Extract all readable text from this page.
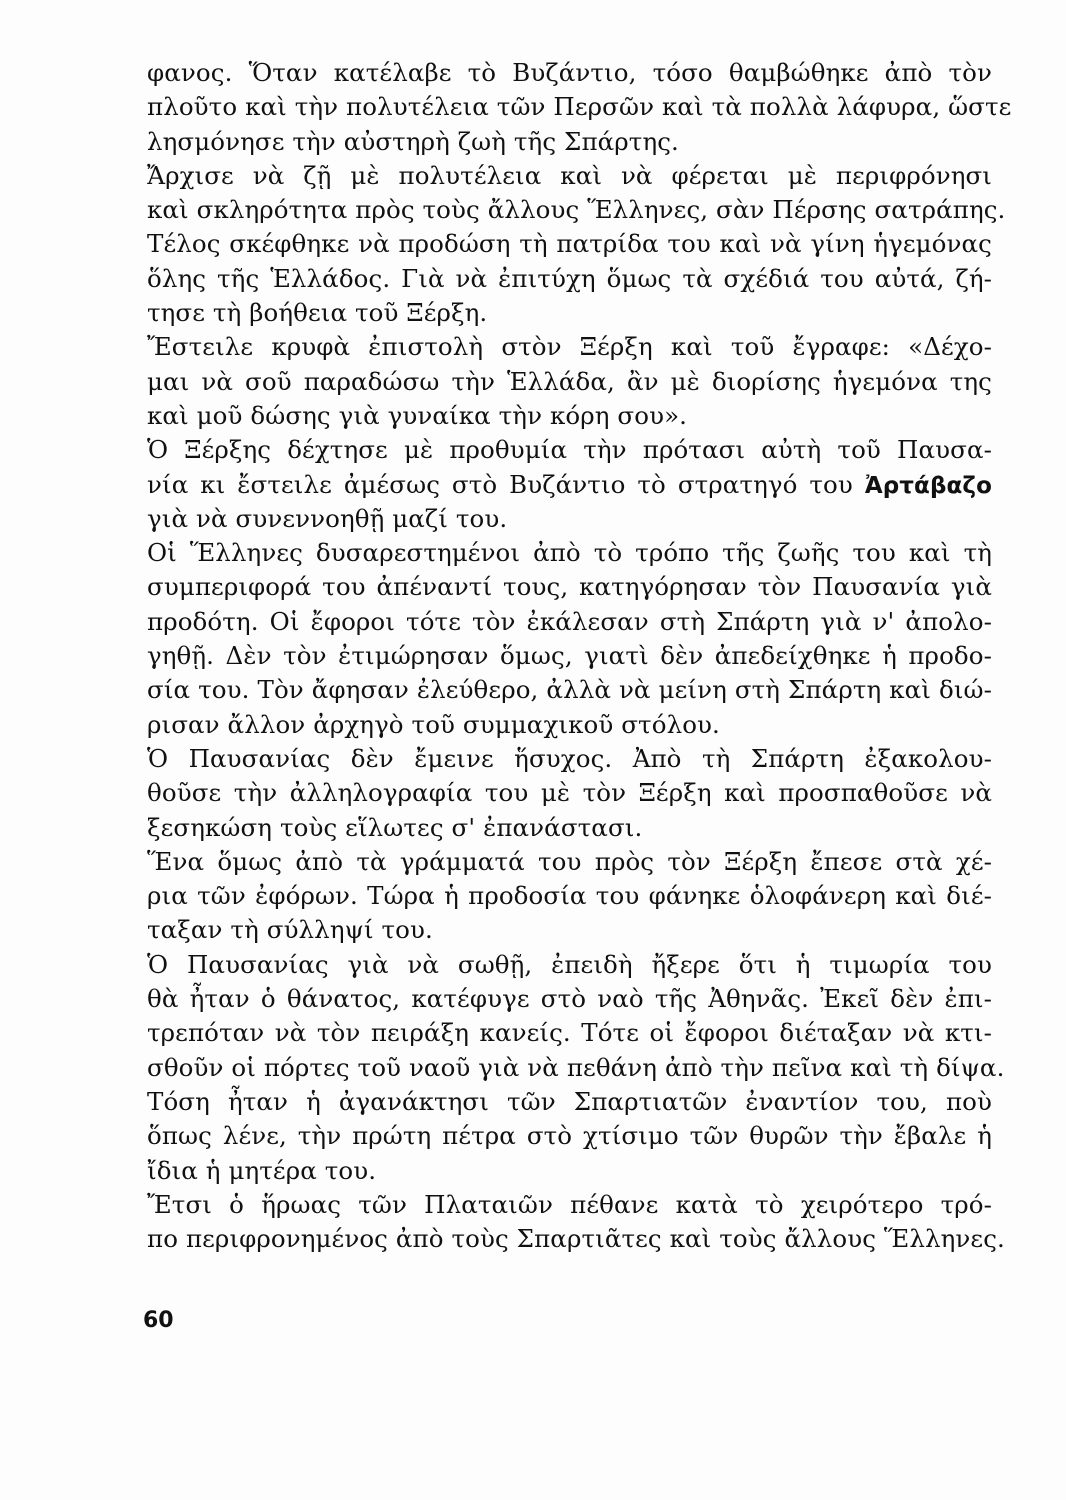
φανος. Ὅταν κατέλαβε τὸ Βυζάντιο, τόσο θαμβώθηκε ἀπὸ τὸν
πλοῦτο καὶ τὴν πολυτέλεια τῶν Περσῶν καὶ τὰ πολλὰ λάφυρα, ὥστε
λησμόνησε τὴν αὐστηρὴ ζωὴ τῆς Σπάρτης.
Ἄρχισε νὰ ζῇ μὲ πολυτέλεια καὶ νὰ φέρεται μὲ περιφρόνησι
καὶ σκληρότητα πρὸς τοὺς ἄλλους Ἕλληνες, σὰν Πέρσης σατράπης.
Τέλος σκέφθηκε νὰ προδώση τὴ πατρίδα του καὶ νὰ γίνη ἡγεμόνας
ὅλης τῆς Ἑλλάδος. Γιὰ νὰ ἐπιτύχη ὅμως τὰ σχέδιά του αὐτά, ζή-
τησε τὴ βοήθεια τοῦ Ξέρξη.
Ἔστειλε κρυφὰ ἐπιστολὴ στὸν Ξέρξη καὶ τοῦ ἔγραφε: «Δέχο-
μαι νὰ σοῦ παραδώσω τὴν Ἑλλάδα, ἂν μὲ διορίσης ἡγεμόνα της
καὶ μοῦ δώσης γιὰ γυναίκα τὴν κόρη σου».
Ὁ Ξέρξης δέχτησε μὲ προθυμία τὴν πρότασι αὐτὴ τοῦ Παυσα-
νία κι ἔστειλε ἀμέσως στὸ Βυζάντιο τὸ στρατηγό του Ἀρτάβαζο
γιὰ νὰ συνεννοηθῇ μαζί του.
Οἱ Ἕλληνες δυσαρεστημένοι ἀπὸ τὸ τρόπο τῆς ζωῆς του καὶ τὴ
συμπεριφορά του ἀπέναντί τους, κατηγόρησαν τὸν Παυσανία γιὰ
προδότη. Οἱ ἔφοροι τότε τὸν ἐκάλεσαν στὴ Σπάρτη γιὰ ν' ἀπολο-
γηθῇ. Δὲν τὸν ἐτιμώρησαν ὅμως, γιατὶ δὲν ἀπεδείχθηκε ἡ προδο-
σία του. Τὸν ἄφησαν ἐλεύθερο, ἀλλὰ νὰ μείνη στὴ Σπάρτη καὶ διώ-
ρισαν ἄλλον ἀρχηγὸ τοῦ συμμαχικοῦ στόλου.
Ὁ Παυσανίας δὲν ἔμεινε ἥσυχος. Ἀπὸ τὴ Σπάρτη ἐξακολου-
θοῦσε τὴν ἀλληλογραφία του μὲ τὸν Ξέρξη καὶ προσπαθοῦσε νὰ
ξεσηκώση τοὺς εἵλωτες σ' ἐπανάστασι.
Ἕνα ὅμως ἀπὸ τὰ γράμματά του πρὸς τὸν Ξέρξη ἔπεσε στὰ χέ-
ρια τῶν ἐφόρων. Τώρα ἡ προδοσία του φάνηκε ὁλοφάνερη καὶ διέ-
ταξαν τὴ σύλληψί του.
Ὁ Παυσανίας γιὰ νὰ σωθῇ, ἐπειδὴ ἤξερε ὅτι ἡ τιμωρία του
θὰ ἦταν ὁ θάνατος, κατέφυγε στὸ ναὸ τῆς Ἀθηνᾶς. Ἐκεῖ δὲν ἐπι-
τρεπόταν νὰ τὸν πειράξη κανείς. Τότε οἱ ἔφοροι διέταξαν νὰ κτι-
σθοῦν οἱ πόρτες τοῦ ναοῦ γιὰ νὰ πεθάνη ἀπὸ τὴν πεῖνα καὶ τὴ δίψα.
Τόση ἦταν ἡ ἀγανάκτησι τῶν Σπαρτιατῶν ἐναντίον του, ποὺ
ὅπως λένε, τὴν πρώτη πέτρα στὸ χτίσιμο τῶν θυρῶν τὴν ἔβαλε ἡ
ἴδια ἡ μητέρα του.
Ἔτσι ὁ ἥρωας τῶν Πλαταιῶν πέθανε κατὰ τὸ χειρότερο τρό-
πο περιφρονημένος ἀπὸ τοὺς Σπαρτιᾶτες καὶ τοὺς ἄλλους Ἕλληνες.
60
